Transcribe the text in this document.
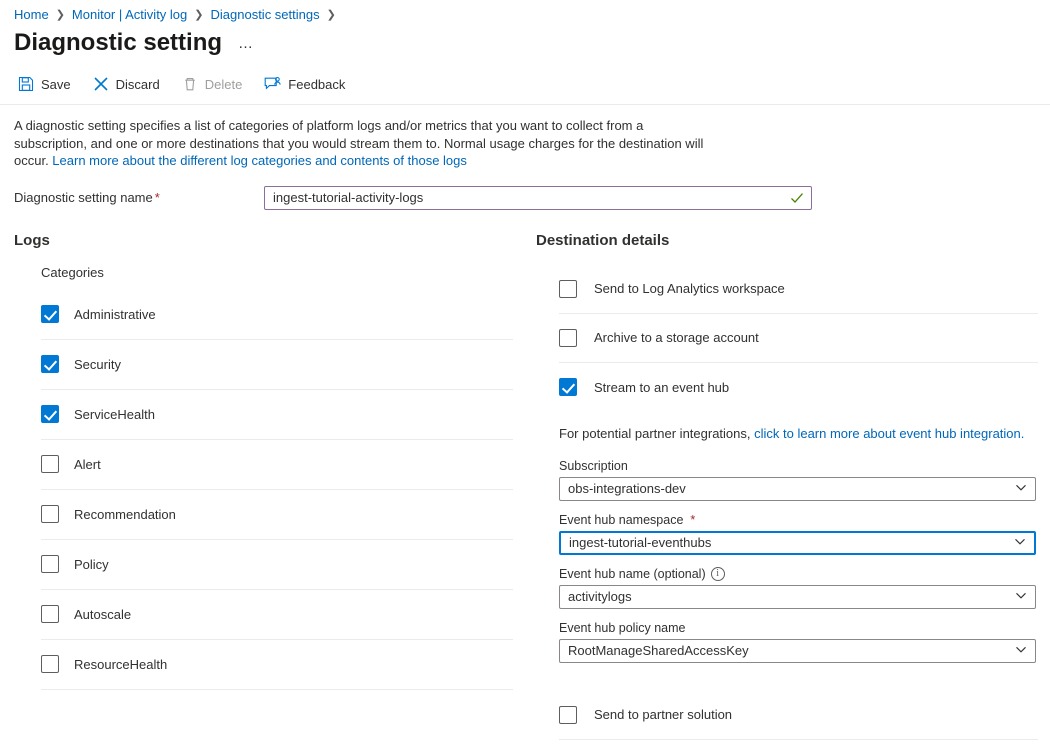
Home ❯ Monitor | Activity log ❯ Diagnostic settings ❯
Diagnostic setting …
Save	Discard	Delete	Feedback
A diagnostic setting specifies a list of categories of platform logs and/or metrics that you want to collect from a subscription, and one or more destinations that you would stream them to. Normal usage charges for the destination will occur. Learn more about the different log categories and contents of those logs
Diagnostic setting name *
ingest-tutorial-activity-logs
Logs
Categories
Administrative
Security
ServiceHealth
Alert
Recommendation
Policy
Autoscale
ResourceHealth
Destination details
Send to Log Analytics workspace
Archive to a storage account
Stream to an event hub
For potential partner integrations, click to learn more about event hub integration.
Subscription
obs-integrations-dev
Event hub namespace *
ingest-tutorial-eventhubs
Event hub name (optional)	i
activitylogs
Event hub policy name
RootManageSharedAccessKey
Send to partner solution
